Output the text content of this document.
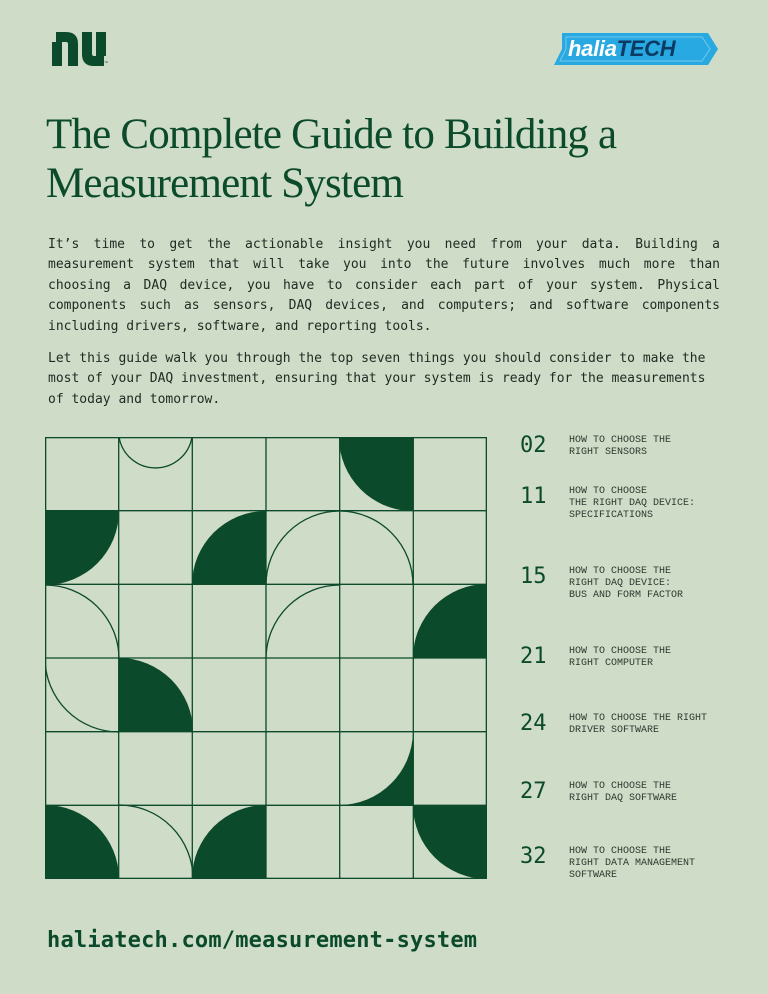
™
haliaTECH
The Complete Guide to Building a Measurement System

It’s time to get the actionable insight you need from your data. Building a measurement system that will take you into the future involves much more than choosing a DAQ device, you have to consider each part of your system. Physical components such as sensors, DAQ devices, and computers; and software components including drivers, software, and reporting tools.

Let this guide walk you through the top seven things you should consider to make the most of your DAQ investment, ensuring that your system is ready for the measurements of today and tomorrow.

02	HOW TO CHOOSE THE
RIGHT SENSORS
11	HOW TO CHOOSE
THE RIGHT DAQ DEVICE:
SPECIFICATIONS
15	HOW TO CHOOSE THE
RIGHT DAQ DEVICE:
BUS AND FORM FACTOR
21	HOW TO CHOOSE THE
RIGHT COMPUTER
24	HOW TO CHOOSE THE RIGHT
DRIVER SOFTWARE
27	HOW TO CHOOSE THE
RIGHT DAQ SOFTWARE
32	HOW TO CHOOSE THE
RIGHT DATA MANAGEMENT
SOFTWARE

haliatech.com/measurement-system
